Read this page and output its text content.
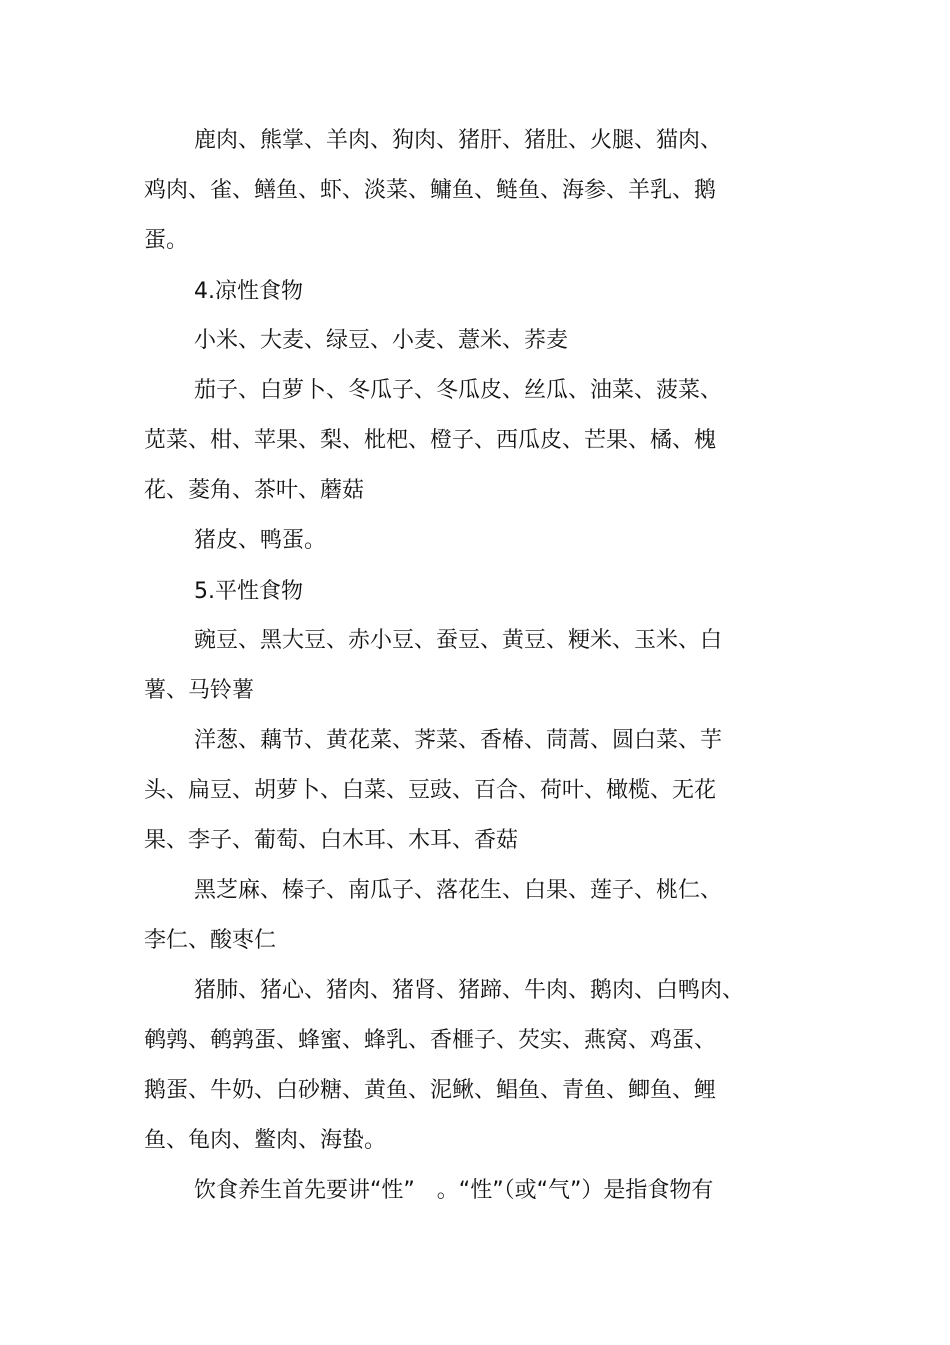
鹿肉、熊掌、羊肉、狗肉、猪肝、猪肚、火腿、猫肉、
鸡肉、雀、鳝鱼、虾、淡菜、鳙鱼、鲢鱼、海参、羊乳、鹅
蛋。
4.凉性食物
小米、大麦、绿豆、小麦、薏米、荞麦
茄子、白萝卜、冬瓜子、冬瓜皮、丝瓜、油菜、菠菜、
苋菜、柑、苹果、梨、枇杷、橙子、西瓜皮、芒果、橘、槐
花、菱角、茶叶、蘑菇
猪皮、鸭蛋。
5.平性食物
豌豆、黑大豆、赤小豆、蚕豆、黄豆、粳米、玉米、白
薯、马铃薯
洋葱、藕节、黄花菜、荠菜、香椿、茼蒿、圆白菜、芋
头、扁豆、胡萝卜、白菜、豆豉、百合、荷叶、橄榄、无花
果、李子、葡萄、白木耳、木耳、香菇
黑芝麻、榛子、南瓜子、落花生、白果、莲子、桃仁、
李仁、酸枣仁
猪肺、猪心、猪肉、猪肾、猪蹄、牛肉、鹅肉、白鸭肉、
鹌鹑、鹌鹑蛋、蜂蜜、蜂乳、香榧子、芡实、燕窝、鸡蛋、
鹅蛋、牛奶、白砂糖、黄鱼、泥鳅、鲳鱼、青鱼、鲫鱼、鲤
鱼、龟肉、鳖肉、海蛰。
饮食养生首先要讲“性”　。“性”（或“气”）是指食物有
